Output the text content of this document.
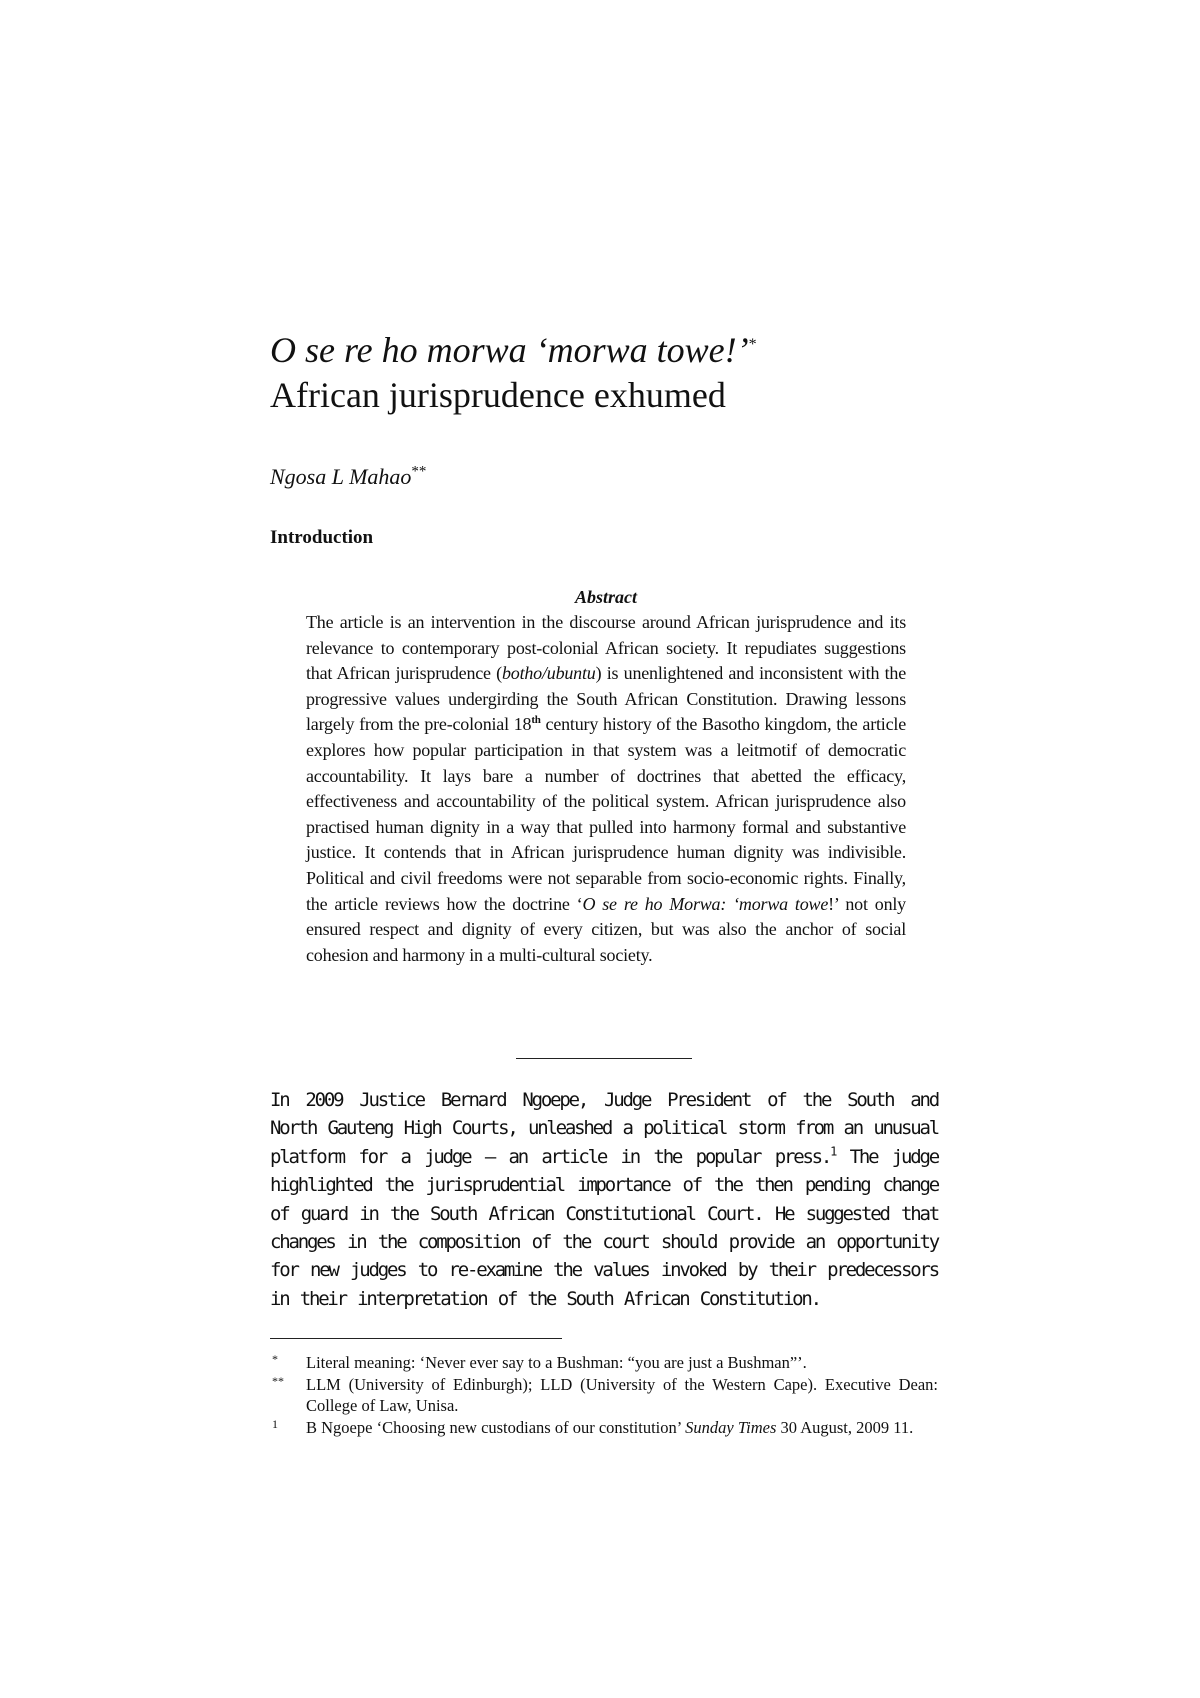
O se re ho morwa ‘morwa towe!’*
African jurisprudence exhumed
Ngosa L Mahao**
Introduction

Abstract

The article is an intervention in the discourse around African jurisprudence and its relevance to contemporary post-colonial African society. It repudiates suggestions that African jurisprudence (botho/ubuntu) is unenlightened and inconsistent with the progressive values undergirding the South African Constitution. Drawing lessons largely from the pre-colonial 18th century history of the Basotho kingdom, the article explores how popular participation in that system was a leitmotif of democratic accountability. It lays bare a number of doctrines that abetted the efficacy, effectiveness and accountability of the political system. African jurisprudence also practised human dignity in a way that pulled into harmony formal and substantive justice. It contends that in African jurisprudence human dignity was indivisible. Political and civil freedoms were not separable from socio-economic rights. Finally, the article reviews how the doctrine ‘O se re ho Morwa: ‘morwa towe!’ not only ensured respect and dignity of every citizen, but was also the anchor of social cohesion and harmony in a multi-cultural society.

In 2009 Justice Bernard Ngoepe, Judge President of the South and North Gauteng High Courts, unleashed a political storm from an unusual platform for a judge – an article in the popular press.$^1$ The judge highlighted the jurisprudential importance of the then pending change of guard in the South African Constitutional Court. He suggested that changes in the composition of the court should provide an opportunity for new judges to re-examine the values invoked by their predecessors in their interpretation of the South African Constitution.

* Literal meaning: ‘Never ever say to a Bushman: “you are just a Bushman”’.

** LLM (University of Edinburgh); LLD (University of the Western Cape). Executive Dean: College of Law, Unisa.

1 B Ngoepe ‘Choosing new custodians of our constitution’ Sunday Times 30 August, 2009 11.
